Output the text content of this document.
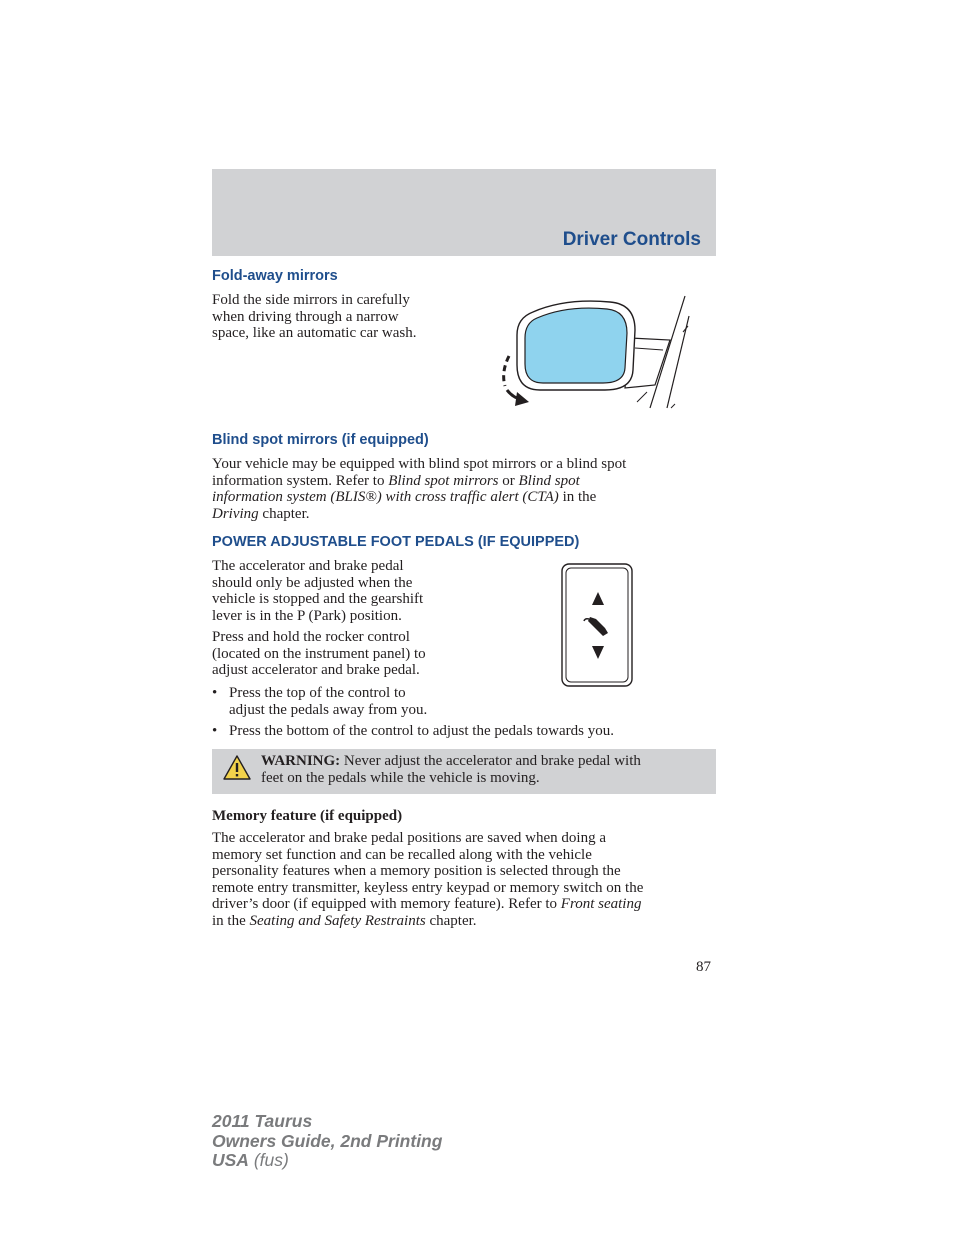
Driver Controls
Fold-away mirrors

Fold the side mirrors in carefully
when driving through a narrow
space, like an automatic car wash.

Blind spot mirrors (if equipped)

Your vehicle may be equipped with blind spot mirrors or a blind spot
information system. Refer to Blind spot mirrors or Blind spot
information system (BLIS®) with cross traffic alert (CTA) in the
Driving chapter.

POWER ADJUSTABLE FOOT PEDALS (IF EQUIPPED)

The accelerator and brake pedal
should only be adjusted when the
vehicle is stopped and the gearshift
lever is in the P (Park) position.

Press and hold the rocker control
(located on the instrument panel) to
adjust accelerator and brake pedal.

• Press the top of the control to
adjust the pedals away from you.
• Press the bottom of the control to adjust the pedals towards you.

WARNING: Never adjust the accelerator and brake pedal with
feet on the pedals while the vehicle is moving.

Memory feature (if equipped)

The accelerator and brake pedal positions are saved when doing a
memory set function and can be recalled along with the vehicle
personality features when a memory position is selected through the
remote entry transmitter, keyless entry keypad or memory switch on the
driver’s door (if equipped with memory feature). Refer to Front seating
in the Seating and Safety Restraints chapter.

87
2011 Taurus
Owners Guide, 2nd Printing
USA (fus)
